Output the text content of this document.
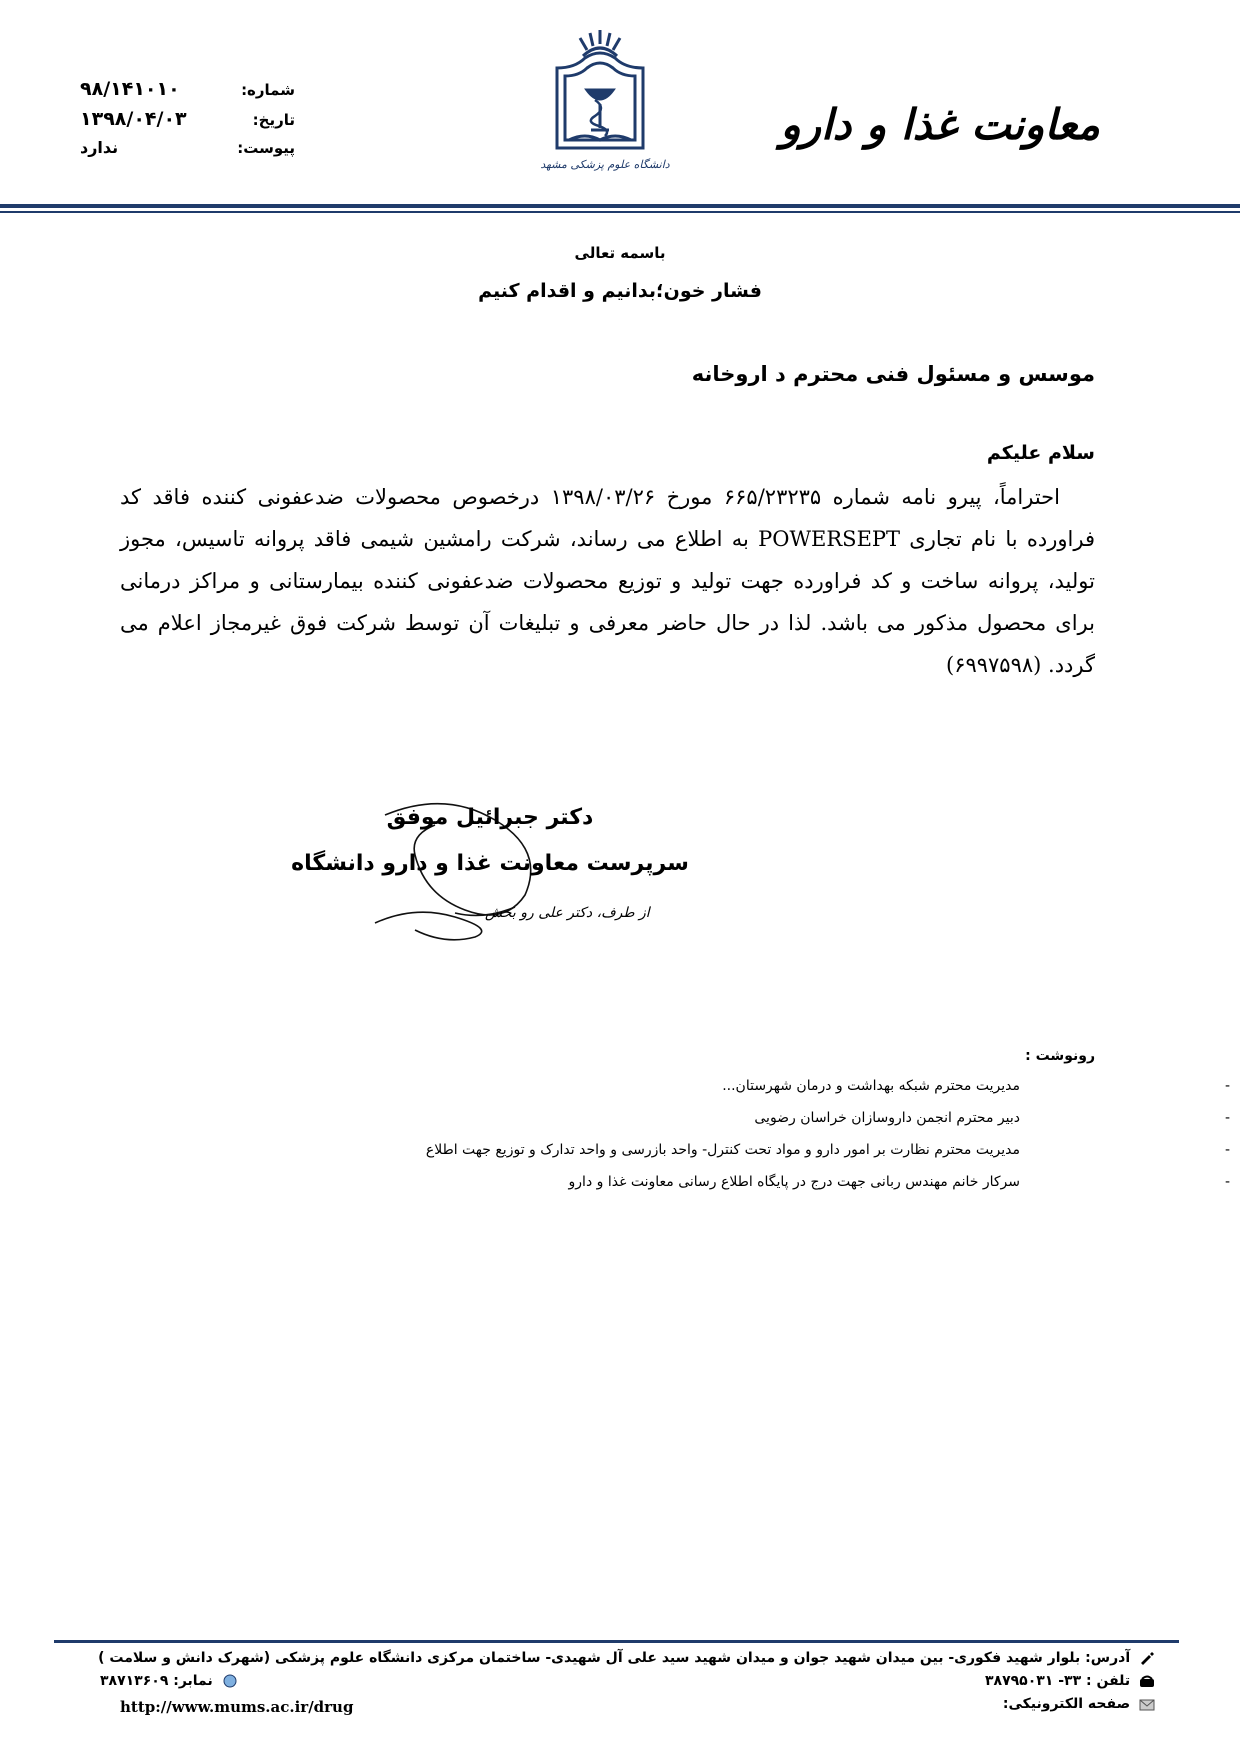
معاونت غذا و دارو
دانشگاه علوم پزشکی مشهد
شماره:
۹۸/۱۴۱۰۱۰
تاریخ:
۱۳۹۸/۰۴/۰۳
پیوست:
ندارد
باسمه تعالی
فشار خون؛بدانیم و اقدام کنیم
موسس و مسئول فنی محترم د اروخانه
سلام علیکم
احتراماً، پیرو نامه شماره ۶۶۵/۲۳۲۳۵ مورخ ۱۳۹۸/۰۳/۲۶ درخصوص محصولات ضدعفونی کننده فاقد کد فراورده با نام تجاری POWERSEPT به اطلاع می رساند، شرکت رامشین شیمی فاقد پروانه تاسیس، مجوز تولید، پروانه ساخت و کد فراورده جهت تولید و توزیع محصولات ضدعفونی کننده بیمارستانی و مراکز درمانی برای محصول مذکور می باشد. لذا در حال حاضر معرفی و تبلیغات آن توسط شرکت فوق غیرمجاز اعلام می گردد. (۶۹۹۷۵۹۸)
دکتر جبرائیل موفق
سرپرست معاونت غذا و دارو دانشگاه
از طرف، دکتر علی رو بخش
رونوشت :
-
مدیریت محترم شبکه بهداشت و درمان شهرستان...
-
دبیر محترم انجمن داروسازان خراسان رضویی
-
مدیریت محترم نظارت بر امور دارو و مواد تحت کنترل- واحد بازرسی و واحد تدارک و توزیع جهت اطلاع
-
سرکار خانم مهندس ربانی جهت درج در پایگاه اطلاع رسانی معاونت غذا و دارو
آدرس: بلوار شهید فکوری- بین میدان شهید جوان و میدان شهید سید علی آل شهیدی- ساختمان مرکزی دانشگاه علوم پزشکی (شهرک دانش و سلامت )
تلفن : ۳۳- ۳۸۷۹۵۰۳۱
نمابر: ۳۸۷۱۳۶۰۹
صفحه الکترونیکی:
http://www.mums.ac.ir/drug
